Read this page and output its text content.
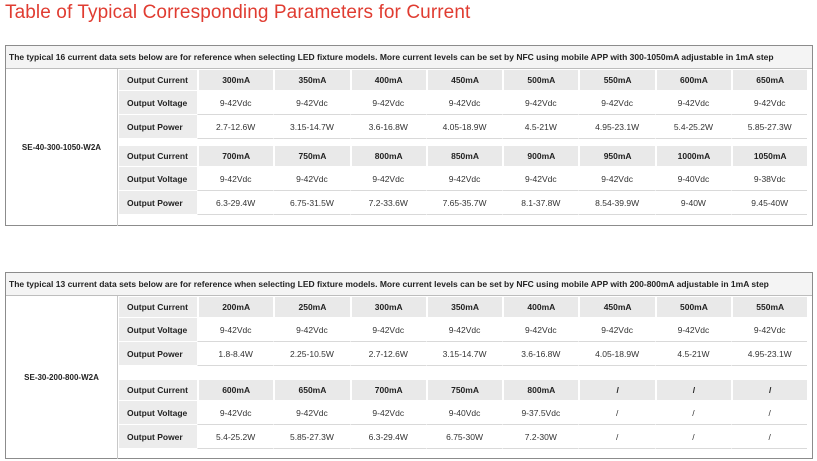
Table of Typical Corresponding Parameters for Current
The typical 16 current data sets below are for reference when selecting LED fixture models. More current levels can be set by NFC using mobile APP with 300-1050mA adjustable in 1mA step
SE-40-300-1050-W2A
Output Current	300mA	350mA	400mA	450mA	500mA	550mA	600mA	650mA
Output Voltage	9-42Vdc	9-42Vdc	9-42Vdc	9-42Vdc	9-42Vdc	9-42Vdc	9-42Vdc	9-42Vdc
Output Power	2.7-12.6W	3.15-14.7W	3.6-16.8W	4.05-18.9W	4.5-21W	4.95-23.1W	5.4-25.2W	5.85-27.3W
Output Current	700mA	750mA	800mA	850mA	900mA	950mA	1000mA	1050mA
Output Voltage	9-42Vdc	9-42Vdc	9-42Vdc	9-42Vdc	9-42Vdc	9-42Vdc	9-40Vdc	9-38Vdc
Output Power	6.3-29.4W	6.75-31.5W	7.2-33.6W	7.65-35.7W	8.1-37.8W	8.54-39.9W	9-40W	9.45-40W
The typical 13 current data sets below are for reference when selecting LED fixture models. More current levels can be set by NFC using mobile APP with 200-800mA adjustable in 1mA step
SE-30-200-800-W2A
Output Current	200mA	250mA	300mA	350mA	400mA	450mA	500mA	550mA
Output Voltage	9-42Vdc	9-42Vdc	9-42Vdc	9-42Vdc	9-42Vdc	9-42Vdc	9-42Vdc	9-42Vdc
Output Power	1.8-8.4W	2.25-10.5W	2.7-12.6W	3.15-14.7W	3.6-16.8W	4.05-18.9W	4.5-21W	4.95-23.1W
Output Current	600mA	650mA	700mA	750mA	800mA	/	/	/
Output Voltage	9-42Vdc	9-42Vdc	9-42Vdc	9-40Vdc	9-37.5Vdc	/	/	/
Output Power	5.4-25.2W	5.85-27.3W	6.3-29.4W	6.75-30W	7.2-30W	/	/	/
